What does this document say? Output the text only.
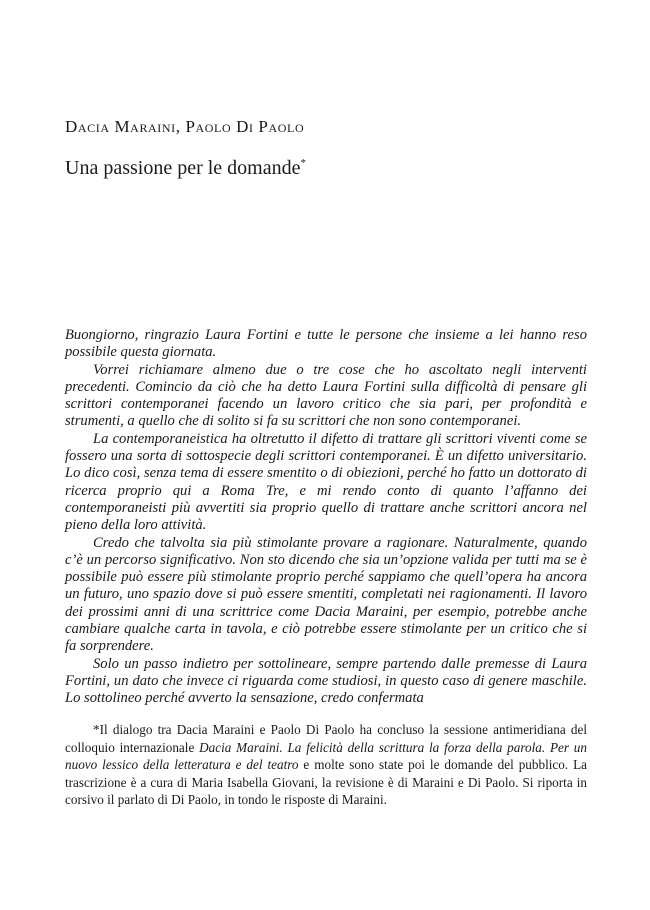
Dacia Maraini, Paolo Di Paolo
Una passione per le domande*

Buongiorno, ringrazio Laura Fortini e tutte le persone che insieme a lei hanno reso possibile questa giornata.

Vorrei richiamare almeno due o tre cose che ho ascoltato negli interventi precedenti. Comincio da ciò che ha detto Laura Fortini sulla difficoltà di pensare gli scrittori contemporanei facendo un lavoro critico che sia pari, per profondità e strumenti, a quello che di solito si fa su scrittori che non sono contemporanei.

La contemporaneistica ha oltretutto il difetto di trattare gli scrittori viventi come se fossero una sorta di sottospecie degli scrittori contemporanei. È un difetto universitario. Lo dico così, senza tema di essere smentito o di obiezioni, perché ho fatto un dottorato di ricerca proprio qui a Roma Tre, e mi rendo conto di quanto l’affanno dei contemporaneisti più avvertiti sia proprio quello di trattare anche scrittori ancora nel pieno della loro attività.

Credo che talvolta sia più stimolante provare a ragionare. Naturalmente, quando c’è un percorso significativo. Non sto dicendo che sia un’opzione valida per tutti ma se è possibile può essere più stimolante proprio perché sappiamo che quell’opera ha ancora un futuro, uno spazio dove si può essere smentiti, completati nei ragionamenti. Il lavoro dei prossimi anni di una scrittrice come Dacia Maraini, per esempio, potrebbe anche cambiare qualche carta in tavola, e ciò potrebbe essere stimolante per un critico che si fa sorprendere.

Solo un passo indietro per sottolineare, sempre partendo dalle premesse di Laura Fortini, un dato che invece ci riguarda come studiosi, in questo caso di genere maschile. Lo sottolineo perché avverto la sensazione, credo confermata

*Il dialogo tra Dacia Maraini e Paolo Di Paolo ha concluso la sessione antimeridiana del colloquio internazionale Dacia Maraini. La felicità della scrittura la forza della parola. Per un nuovo lessico della letteratura e del teatro e molte sono state poi le domande del pubblico. La trascrizione è a cura di Maria Isabella Giovani, la revisione è di Maraini e Di Paolo. Si riporta in corsivo il parlato di Di Paolo, in tondo le risposte di Maraini.
